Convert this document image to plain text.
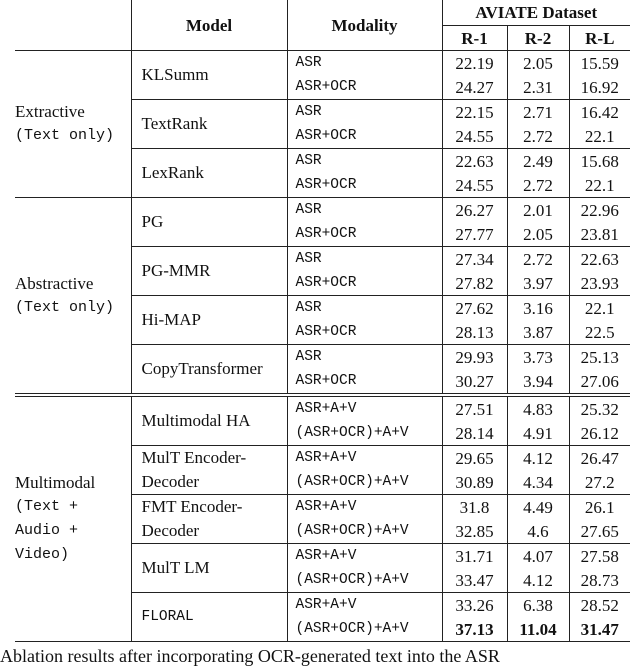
	Model	Modality	AVIATE Dataset		
			R-1	R-2	R-L

Extractive
(Text only)	KLSumm	ASR	22.19	2.05	15.59
		ASR+OCR	24.27	2.31	16.92
	TextRank	ASR	22.15	2.71	16.42
		ASR+OCR	24.55	2.72	22.1
	LexRank	ASR	22.63	2.49	15.68
		ASR+OCR	24.55	2.72	22.1

Abstractive
(Text only)	PG	ASR	26.27	2.01	22.96
		ASR+OCR	27.77	2.05	23.81
	PG-MMR	ASR	27.34	2.72	22.63
		ASR+OCR	27.82	3.97	23.93
	Hi-MAP	ASR	27.62	3.16	22.1
		ASR+OCR	28.13	3.87	22.5
	CopyTransformer	ASR	29.93	3.73	25.13
		ASR+OCR	30.27	3.94	27.06

Multimodal
(Text + Audio + Video)	Multimodal HA	ASR+A+V	27.51	4.83	25.32
		(ASR+OCR)+A+V	28.14	4.91	26.12
	MulT Encoder-Decoder	ASR+A+V	29.65	4.12	26.47
		(ASR+OCR)+A+V	30.89	4.34	27.2
	FMT Encoder-Decoder	ASR+A+V	31.8	4.49	26.1
		(ASR+OCR)+A+V	32.85	4.6	27.65
	MulT LM	ASR+A+V	31.71	4.07	27.58
		(ASR+OCR)+A+V	33.47	4.12	28.73
	FLORAL	ASR+A+V	33.26	6.38	28.52
		(ASR+OCR)+A+V	37.13	11.04	31.47
Ablation results after incorporating OCR-generated text into the ASR
